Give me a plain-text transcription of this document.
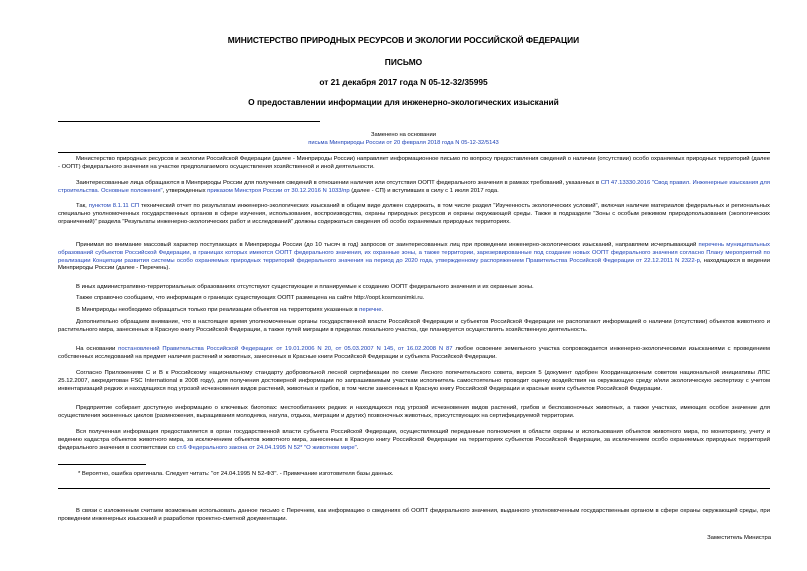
МИНИСТЕРСТВО ПРИРОДНЫХ РЕСУРСОВ И ЭКОЛОГИИ РОССИЙСКОЙ ФЕДЕРАЦИИ
ПИСЬМО
от 21 декабря 2017 года N 05-12-32/35995
О предоставлении информации для инженерно-экологических изысканий
Заменено на основании
письма Минприроды России от 20 февраля 2018 года N 05-12-32/5143

Министерство природных ресурсов и экологии Российской Федерации (далее - Минприроды России) направляет информационное письмо по вопросу предоставления сведений о наличии (отсутствии) особо охраняемых природных территорий (далее - ООПТ) федерального значения на участке предполагаемого осуществления хозяйственной и иной деятельности.

Заинтересованные лица обращаются в Минприроды России для получения сведений в отношении наличия или отсутствия ООПТ федерального значения в рамках требований, указанных в СП 47.13330.2016 "Свод правил. Инженерные изыскания для строительства. Основные положения", утвержденных приказом Минстроя России от 30.12.2016 N 1033/пр (далее - СП) и вступивших в силу с 1 июля 2017 года.

Так, пунктом 8.1.11 СП технический отчет по результатам инженерно-экологических изысканий в общем виде должен содержать, в том числе раздел "Изученность экологических условий", включая наличие материалов федеральных и региональных специально уполномоченных государственных органов в сфере изучения, использования, воспроизводства, охраны природных ресурсов и охраны окружающей среды. Также в подразделе "Зоны с особым режимом природопользования (экологических ограничений)" раздела "Результаты инженерно-экологических работ и исследований" должны содержаться сведения об особо охраняемых природных территориях.

Принимая во внимание массовый характер поступающих в Минприроды России (до 10 тысяч в год) запросов от заинтересованных лиц при проведении инженерно-экологических изысканий, направляем исчерпывающий перечень муниципальных образований субъектов Российской Федерации, в границах которых имеются ООПТ федерального значения, их охранные зоны, а также территории, зарезервированные под создание новых ООПТ федерального значения согласно Плану мероприятий по реализации Концепции развития системы особо охраняемых природных территорий федерального значения на период до 2020 года, утвержденному распоряжением Правительства Российской Федерации от 22.12.2011 N 2322-р, находящихся в ведении Минприроды России (далее - Перечень).

В иных административно-территориальных образованиях отсутствуют существующие и планируемые к созданию ООПТ федерального значения и их охранные зоны.

Также справочно сообщаем, что информация о границах существующих ООПТ размещена на сайте http://oopt.kosmosnimki.ru.

В Минприроды необходимо обращаться только при реализации объектов на территориях указанных в перечне.

Дополнительно обращаем внимание, что в настоящее время уполномоченные органы государственной власти Российской Федерации и субъектов Российской Федерации не располагают информацией о наличии (отсутствии) объектов животного и растительного мира, занесенных в Красную книгу Российской Федерации, а также путей миграции в пределах локального участка, где планируется осуществлять хозяйственную деятельность.

На основании постановлений Правительства Российской Федерации: от 19.01.2006 N 20, от 05.03.2007 N 145, от 16.02.2008 N 87 любое освоение земельного участка сопровождается инженерно-экологическими изысканиями с проведением собственных исследований на предмет наличия растений и животных, занесенных в Красные книги Российской Федерации и субъекта Российской Федерации.

Согласно Приложениям С и В к Российскому национальному стандарту добровольной лесной сертификации по схеме Лесного попечительского совета, версия 5 (документ одобрен Координационным советом национальной инициативы ЛПС 25.12.2007, аккредитован FSC International в 2008 году), для получения достоверной информации по запрашиваемым участкам исполнитель самостоятельно проводит оценку воздействия на окружающую среду и/или экологическую экспертизу с учетом инвентаризаций редких и находящихся под угрозой исчезновения видов растений, животных и грибов, в том числе занесенных в Красную книгу Российской Федерации и красные книги субъектов Российской Федерации.

Предприятие собирает доступную информацию о ключевых биотопах: местообитаниях редких и находящихся под угрозой исчезновения видов растений, грибов и беспозвоночных животных, а также участках, имеющих особое значение для осуществления жизненных циклов (размножения, выращивания молодняка, нагула, отдыха, миграции и других) позвоночных животных, присутствующих на сертифицируемой территории.

Вся полученная информация предоставляется в орган государственной власти субъекта Российской Федерации, осуществляющий переданные полномочия в области охраны и использования объектов животного мира, по мониторингу, учету и ведению кадастра объектов животного мира, за исключением объектов животного мира, занесенных в Красную книгу Российской Федерации на территориях субъектов Российской Федерации, за исключением особо охраняемых природных территорий федерального значения в соответствии со ст.6 Федерального закона от 24.04.1995 N 52* "О животном мире".

* Вероятно, ошибка оригинала. Следует читать: "от 24.04.1995 N 52-ФЗ". - Примечание изготовителя базы данных.

В связи с изложенным считаем возможным использовать данное письмо с Перечнем, как информацию о сведениях об ООПТ федерального значения, выданного уполномоченным государственным органом в сфере охраны окружающей среды, при проведении инженерных изысканий и разработке проектно-сметной документации.

Заместитель Министра
